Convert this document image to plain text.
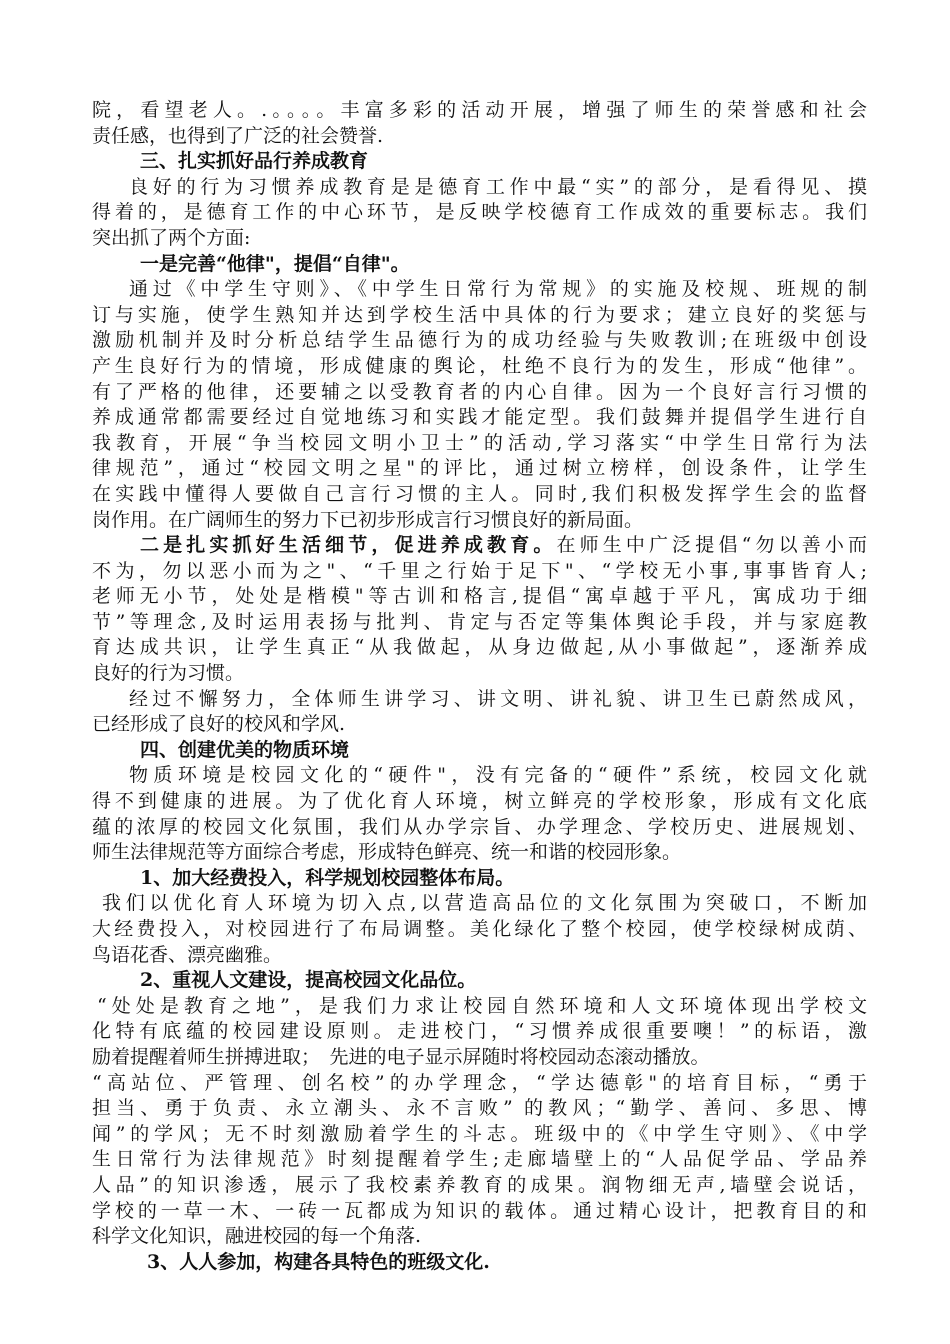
院，看望老人。.。。。。丰富多彩的活动开展，增强了师生的荣誉感和社会
责任感，也得到了广泛的社会赞誉.
三、扎实抓好品行养成教育
良好的行为习惯养成教育是是德育工作中最“实”的部分，是看得见、摸
得着的，是德育工作的中心环节，是反映学校德育工作成效的重要标志。我们
突出抓了两个方面:
一是完善“他律"，提倡“自律"。
通过《中学生守则》、《中学生日常行为常规》的实施及校规、班规的制
订与实施，使学生熟知并达到学校生活中具体的行为要求；建立良好的奖惩与
激励机制并及时分析总结学生品德行为的成功经验与失败教训;在班级中创设
产生良好行为的情境，形成健康的舆论，杜绝不良行为的发生，形成“他律”。
有了严格的他律，还要辅之以受教育者的内心自律。因为一个良好言行习惯的
养成通常都需要经过自觉地练习和实践才能定型。我们鼓舞并提倡学生进行自
我教育，开展“争当校园文明小卫士”的活动,学习落实“中学生日常行为法
律规范”，通过“校园文明之星"的评比，通过树立榜样，创设条件，让学生
在实践中懂得人要做自己言行习惯的主人。同时,我们积极发挥学生会的监督
岗作用。在广阔师生的努力下已初步形成言行习惯良好的新局面。
二是扎实抓好生活细节，促进养成教育。在师生中广泛提倡“勿以善小而
不为，勿以恶小而为之"、“千里之行始于足下"、“学校无小事,事事皆育人;
老师无小节，处处是楷模"等古训和格言,提倡“寓卓越于平凡，寓成功于细
节”等理念,及时运用表扬与批判、肯定与否定等集体舆论手段，并与家庭教
育达成共识，让学生真正“从我做起，从身边做起,从小事做起”，逐渐养成
良好的行为习惯。
经过不懈努力，全体师生讲学习、讲文明、讲礼貌、讲卫生已蔚然成风，
已经形成了良好的校风和学风.
四、创建优美的物质环境
物质环境是校园文化的“硬件"，没有完备的“硬件”系统，校园文化就
得不到健康的进展。为了优化育人环境，树立鲜亮的学校形象，形成有文化底
蕴的浓厚的校园文化氛围，我们从办学宗旨、办学理念、学校历史、进展规划、
师生法律规范等方面综合考虑，形成特色鲜亮、统一和谐的校园形象。
1、加大经费投入，科学规划校园整体布局。
我们以优化育人环境为切入点,以营造高品位的文化氛围为突破口，不断加
大经费投入，对校园进行了布局调整。美化绿化了整个校园，使学校绿树成荫、
鸟语花香、漂亮幽雅。
2、重视人文建设，提高校园文化品位。
“处处是教育之地”，是我们力求让校园自然环境和人文环境体现出学校文
化特有底蕴的校园建设原则。走进校门，“习惯养成很重要噢！”的标语，激
励着提醒着师生拼搏进取；　先进的电子显示屏随时将校园动态滚动播放。
“高站位、严管理、创名校”的办学理念，“学达德彰"的培育目标，“勇于
担当、勇于负责、永立潮头、永不言败” 的教风；“勤学、善问、多思、博
闻”的学风；无不时刻激励着学生的斗志。班级中的《中学生守则》、《中学
生日常行为法律规范》时刻提醒着学生;走廊墙壁上的“人品促学品、学品养
人品”的知识渗透，展示了我校素养教育的成果。润物细无声,墙壁会说话，
学校的一草一木、一砖一瓦都成为知识的载体。通过精心设计，把教育目的和
科学文化知识，融进校园的每一个角落.
3、人人参加，构建各具特色的班级文化.
